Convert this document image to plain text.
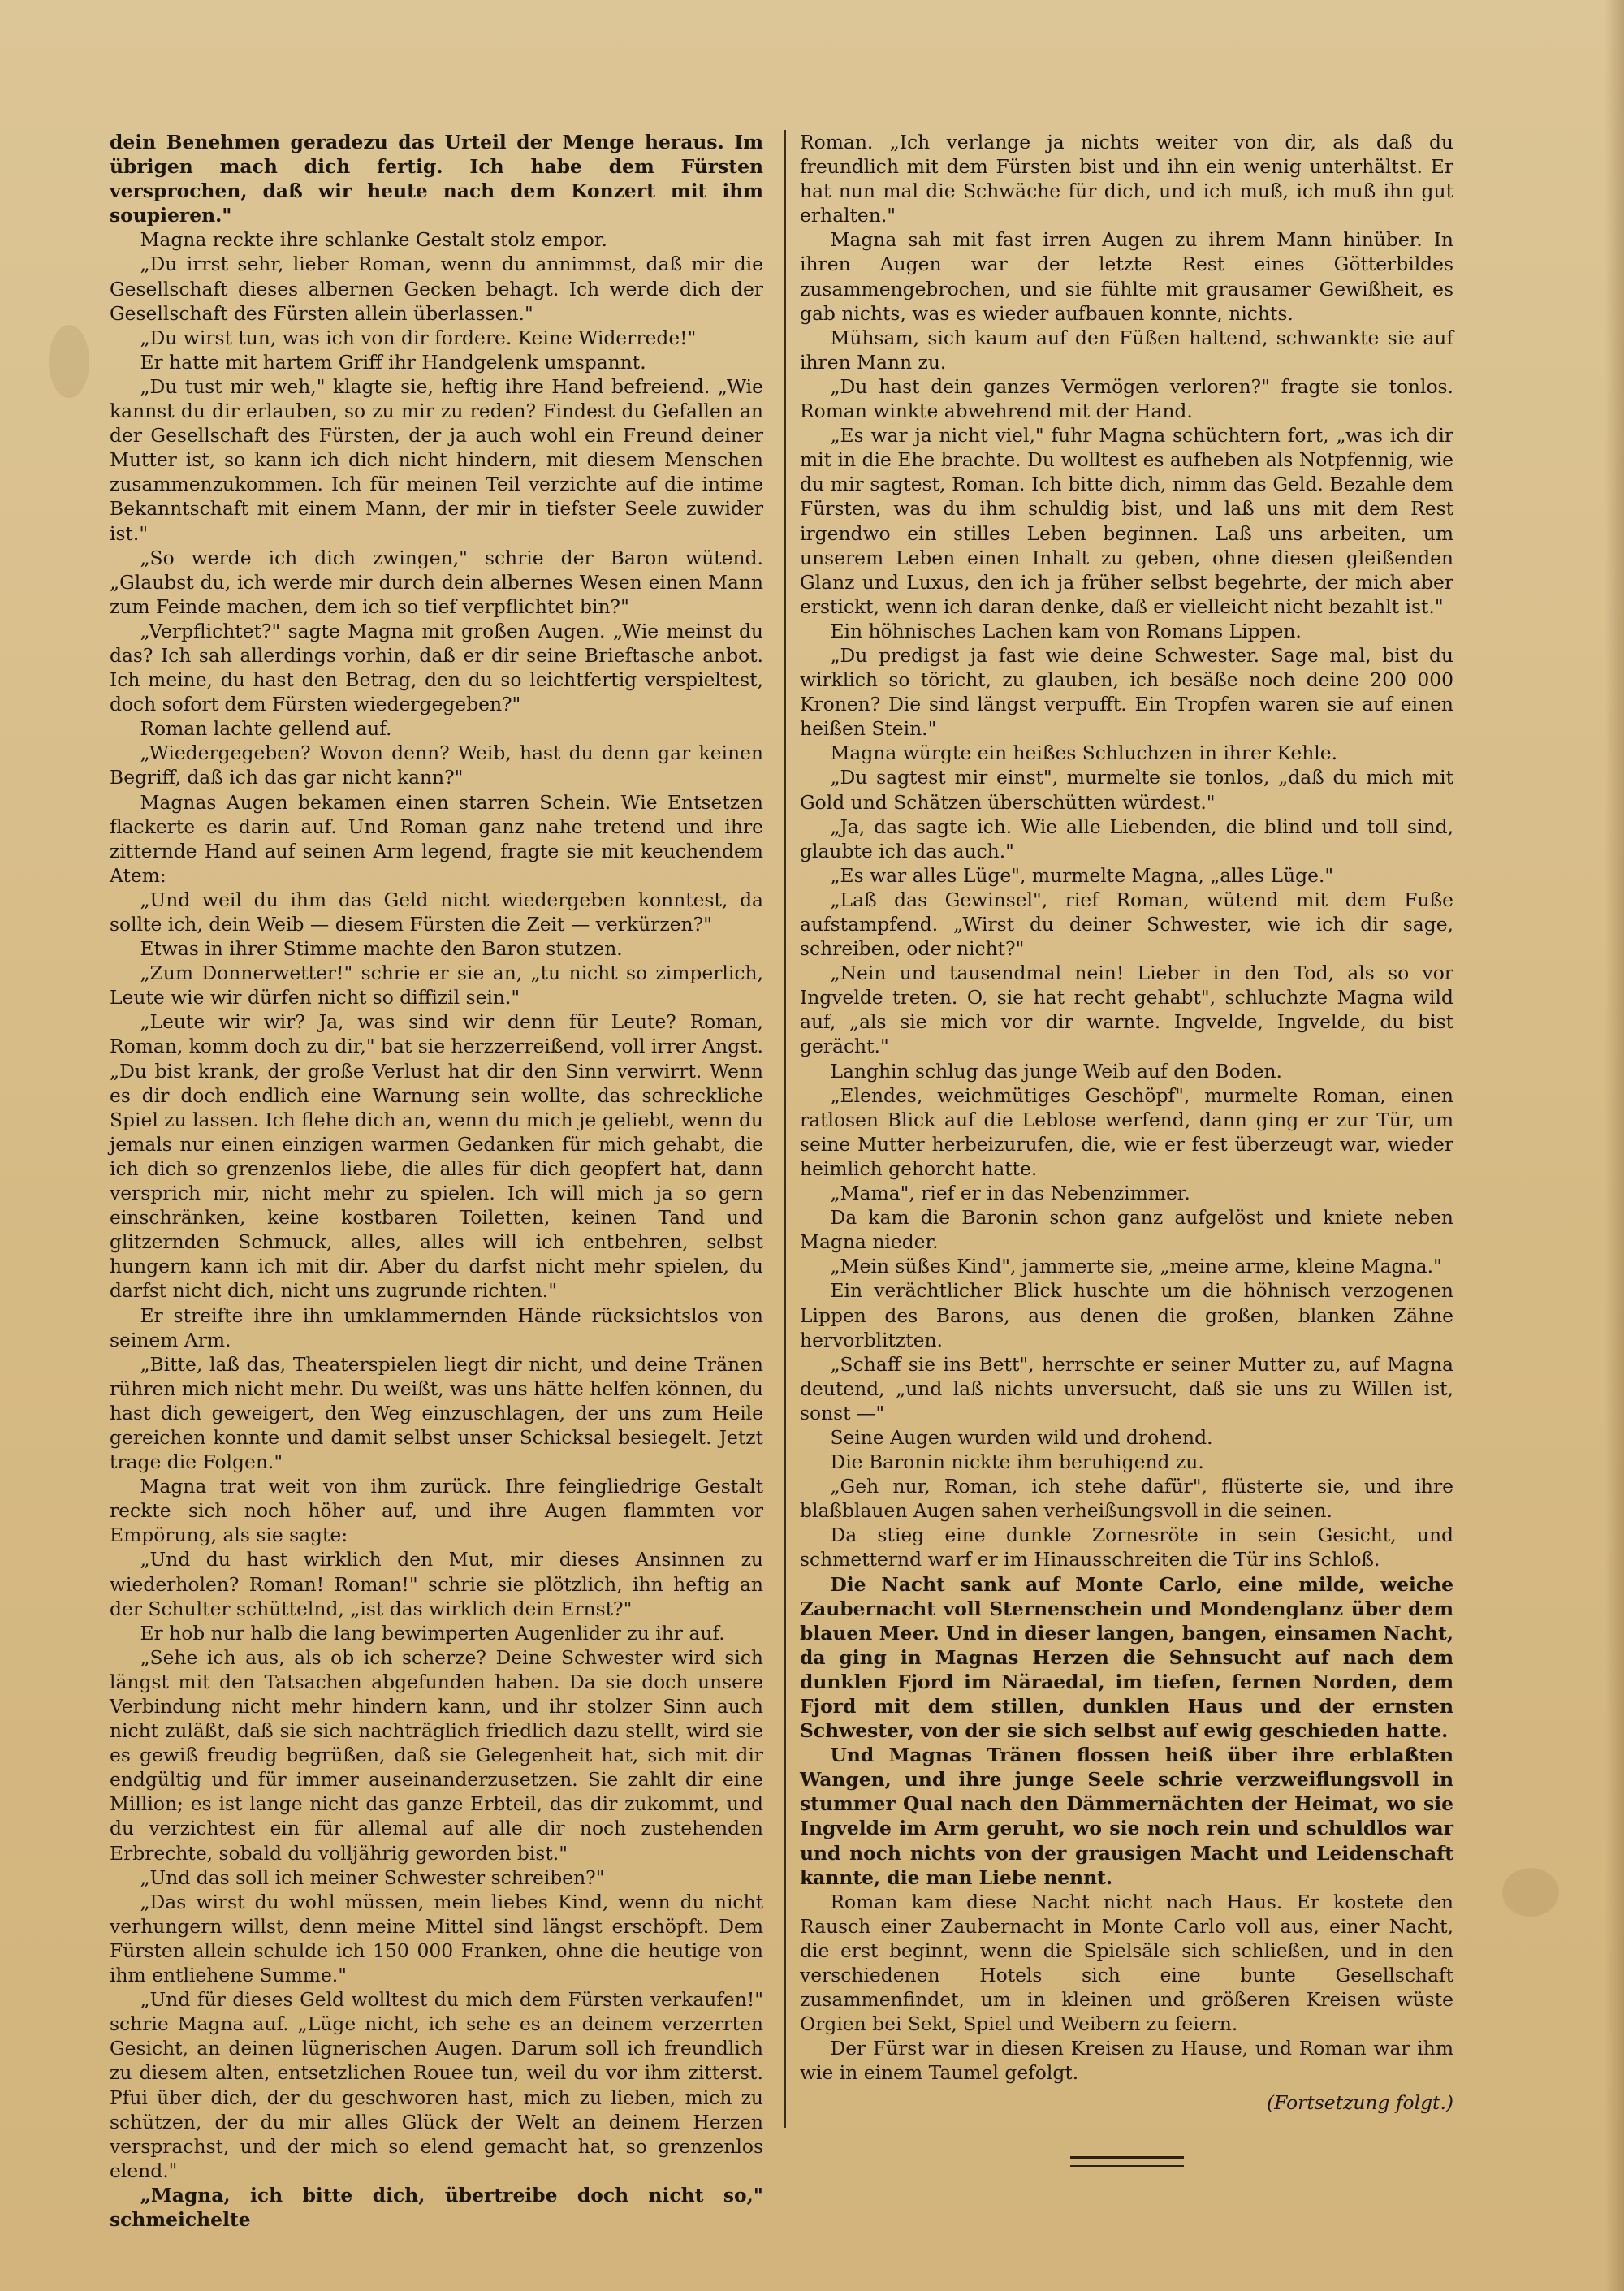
dein Benehmen geradezu das Urteil der Menge heraus. Im übrigen mach dich fertig. Ich habe dem Fürsten versprochen, daß wir heute nach dem Konzert mit ihm soupieren."

Magna reckte ihre schlanke Gestalt stolz empor.

„Du irrst sehr, lieber Roman, wenn du annimmst, daß mir die Gesellschaft dieses albernen Gecken behagt. Ich werde dich der Gesellschaft des Fürsten allein überlassen."

„Du wirst tun, was ich von dir fordere. Keine Widerrede!"

Er hatte mit hartem Griff ihr Handgelenk umspannt.

„Du tust mir weh," klagte sie, heftig ihre Hand befreiend. „Wie kannst du dir erlauben, so zu mir zu reden? Findest du Gefallen an der Gesellschaft des Fürsten, der ja auch wohl ein Freund deiner Mutter ist, so kann ich dich nicht hindern, mit diesem Menschen zusammenzukommen. Ich für meinen Teil verzichte auf die intime Bekanntschaft mit einem Mann, der mir in tiefster Seele zuwider ist."

„So werde ich dich zwingen," schrie der Baron wütend. „Glaubst du, ich werde mir durch dein albernes Wesen einen Mann zum Feinde machen, dem ich so tief verpflichtet bin?"

„Verpflichtet?" sagte Magna mit großen Augen. „Wie meinst du das? Ich sah allerdings vorhin, daß er dir seine Brieftasche anbot. Ich meine, du hast den Betrag, den du so leichtfertig verspieltest, doch sofort dem Fürsten wiedergegeben?"

Roman lachte gellend auf.

„Wiedergegeben? Wovon denn? Weib, hast du denn gar keinen Begriff, daß ich das gar nicht kann?"

Magnas Augen bekamen einen starren Schein. Wie Entsetzen flackerte es darin auf. Und Roman ganz nahe tretend und ihre zitternde Hand auf seinen Arm legend, fragte sie mit keuchendem Atem:

„Und weil du ihm das Geld nicht wiedergeben konntest, da sollte ich, dein Weib — diesem Fürsten die Zeit — verkürzen?"

Etwas in ihrer Stimme machte den Baron stutzen.

„Zum Donnerwetter!" schrie er sie an, „tu nicht so zimperlich, Leute wie wir dürfen nicht so diffizil sein."

„Leute wir wir? Ja, was sind wir denn für Leute? Roman, Roman, komm doch zu dir," bat sie herzzerreißend, voll irrer Angst. „Du bist krank, der große Verlust hat dir den Sinn verwirrt. Wenn es dir doch endlich eine Warnung sein wollte, das schreckliche Spiel zu lassen. Ich flehe dich an, wenn du mich je geliebt, wenn du jemals nur einen einzigen warmen Gedanken für mich gehabt, die ich dich so grenzenlos liebe, die alles für dich geopfert hat, dann versprich mir, nicht mehr zu spielen. Ich will mich ja so gern einschränken, keine kostbaren Toiletten, keinen Tand und glitzernden Schmuck, alles, alles will ich entbehren, selbst hungern kann ich mit dir. Aber du darfst nicht mehr spielen, du darfst nicht dich, nicht uns zugrunde richten."

Er streifte ihre ihn umklammernden Hände rücksichtslos von seinem Arm.

„Bitte, laß das, Theaterspielen liegt dir nicht, und deine Tränen rühren mich nicht mehr. Du weißt, was uns hätte helfen können, du hast dich geweigert, den Weg einzuschlagen, der uns zum Heile gereichen konnte und damit selbst unser Schicksal besiegelt. Jetzt trage die Folgen."

Magna trat weit von ihm zurück. Ihre feingliedrige Gestalt reckte sich noch höher auf, und ihre Augen flammten vor Empörung, als sie sagte:

„Und du hast wirklich den Mut, mir dieses Ansinnen zu wiederholen? Roman! Roman!" schrie sie plötzlich, ihn heftig an der Schulter schüttelnd, „ist das wirklich dein Ernst?"

Er hob nur halb die lang bewimperten Augenlider zu ihr auf.

„Sehe ich aus, als ob ich scherze? Deine Schwester wird sich längst mit den Tatsachen abgefunden haben. Da sie doch unsere Verbindung nicht mehr hindern kann, und ihr stolzer Sinn auch nicht zuläßt, daß sie sich nachträglich friedlich dazu stellt, wird sie es gewiß freudig begrüßen, daß sie Gelegenheit hat, sich mit dir endgültig und für immer auseinanderzusetzen. Sie zahlt dir eine Million; es ist lange nicht das ganze Erbteil, das dir zukommt, und du verzichtest ein für allemal auf alle dir noch zustehenden Erbrechte, sobald du volljährig geworden bist."

„Und das soll ich meiner Schwester schreiben?"

„Das wirst du wohl müssen, mein liebes Kind, wenn du nicht verhungern willst, denn meine Mittel sind längst erschöpft. Dem Fürsten allein schulde ich 150 000 Franken, ohne die heutige von ihm entliehene Summe."

„Und für dieses Geld wolltest du mich dem Fürsten verkaufen!" schrie Magna auf. „Lüge nicht, ich sehe es an deinem verzerrten Gesicht, an deinen lügnerischen Augen. Darum soll ich freundlich zu diesem alten, entsetzlichen Rouee tun, weil du vor ihm zitterst. Pfui über dich, der du geschworen hast, mich zu lieben, mich zu schützen, der du mir alles Glück der Welt an deinem Herzen versprachst, und der mich so elend gemacht hat, so grenzenlos elend."

„Magna, ich bitte dich, übertreibe doch nicht so," schmeichelte

Roman. „Ich verlange ja nichts weiter von dir, als daß du freundlich mit dem Fürsten bist und ihn ein wenig unterhältst. Er hat nun mal die Schwäche für dich, und ich muß, ich muß ihn gut erhalten."

Magna sah mit fast irren Augen zu ihrem Mann hinüber. In ihren Augen war der letzte Rest eines Götterbildes zusammengebrochen, und sie fühlte mit grausamer Gewißheit, es gab nichts, was es wieder aufbauen konnte, nichts.

Mühsam, sich kaum auf den Füßen haltend, schwankte sie auf ihren Mann zu.

„Du hast dein ganzes Vermögen verloren?" fragte sie tonlos. Roman winkte abwehrend mit der Hand.

„Es war ja nicht viel," fuhr Magna schüchtern fort, „was ich dir mit in die Ehe brachte. Du wolltest es aufheben als Notpfennig, wie du mir sagtest, Roman. Ich bitte dich, nimm das Geld. Bezahle dem Fürsten, was du ihm schuldig bist, und laß uns mit dem Rest irgendwo ein stilles Leben beginnen. Laß uns arbeiten, um unserem Leben einen Inhalt zu geben, ohne diesen gleißenden Glanz und Luxus, den ich ja früher selbst begehrte, der mich aber erstickt, wenn ich daran denke, daß er vielleicht nicht bezahlt ist."

Ein höhnisches Lachen kam von Romans Lippen.

„Du predigst ja fast wie deine Schwester. Sage mal, bist du wirklich so töricht, zu glauben, ich besäße noch deine 200 000 Kronen? Die sind längst verpufft. Ein Tropfen waren sie auf einen heißen Stein."

Magna würgte ein heißes Schluchzen in ihrer Kehle.

„Du sagtest mir einst", murmelte sie tonlos, „daß du mich mit Gold und Schätzen überschütten würdest."

„Ja, das sagte ich. Wie alle Liebenden, die blind und toll sind, glaubte ich das auch."

„Es war alles Lüge", murmelte Magna, „alles Lüge."

„Laß das Gewinsel", rief Roman, wütend mit dem Fuße aufstampfend. „Wirst du deiner Schwester, wie ich dir sage, schreiben, oder nicht?"

„Nein und tausendmal nein! Lieber in den Tod, als so vor Ingvelde treten. O, sie hat recht gehabt", schluchzte Magna wild auf, „als sie mich vor dir warnte. Ingvelde, Ingvelde, du bist gerächt."

Langhin schlug das junge Weib auf den Boden.

„Elendes, weichmütiges Geschöpf", murmelte Roman, einen ratlosen Blick auf die Leblose werfend, dann ging er zur Tür, um seine Mutter herbeizurufen, die, wie er fest überzeugt war, wieder heimlich gehorcht hatte.

„Mama", rief er in das Nebenzimmer.

Da kam die Baronin schon ganz aufgelöst und kniete neben Magna nieder.

„Mein süßes Kind", jammerte sie, „meine arme, kleine Magna."

Ein verächtlicher Blick huschte um die höhnisch verzogenen Lippen des Barons, aus denen die großen, blanken Zähne hervorblitzten.

„Schaff sie ins Bett", herrschte er seiner Mutter zu, auf Magna deutend, „und laß nichts unversucht, daß sie uns zu Willen ist, sonst —"

Seine Augen wurden wild und drohend.

Die Baronin nickte ihm beruhigend zu.

„Geh nur, Roman, ich stehe dafür", flüsterte sie, und ihre blaßblauen Augen sahen verheißungsvoll in die seinen.

Da stieg eine dunkle Zornesröte in sein Gesicht, und schmetternd warf er im Hinausschreiten die Tür ins Schloß.

Die Nacht sank auf Monte Carlo, eine milde, weiche Zaubernacht voll Sternenschein und Mondenglanz über dem blauen Meer. Und in dieser langen, bangen, einsamen Nacht, da ging in Magnas Herzen die Sehnsucht auf nach dem dunklen Fjord im Näraedal, im tiefen, fernen Norden, dem Fjord mit dem stillen, dunklen Haus und der ernsten Schwester, von der sie sich selbst auf ewig geschieden hatte.

Und Magnas Tränen flossen heiß über ihre erblaßten Wangen, und ihre junge Seele schrie verzweiflungsvoll in stummer Qual nach den Dämmernächten der Heimat, wo sie Ingvelde im Arm geruht, wo sie noch rein und schuldlos war und noch nichts von der grausigen Macht und Leidenschaft kannte, die man Liebe nennt.

Roman kam diese Nacht nicht nach Haus. Er kostete den Rausch einer Zaubernacht in Monte Carlo voll aus, einer Nacht, die erst beginnt, wenn die Spielsäle sich schließen, und in den verschiedenen Hotels sich eine bunte Gesellschaft zusammenfindet, um in kleinen und größeren Kreisen wüste Orgien bei Sekt, Spiel und Weibern zu feiern.

Der Fürst war in diesen Kreisen zu Hause, und Roman war ihm wie in einem Taumel gefolgt.

(Fortsetzung folgt.)
